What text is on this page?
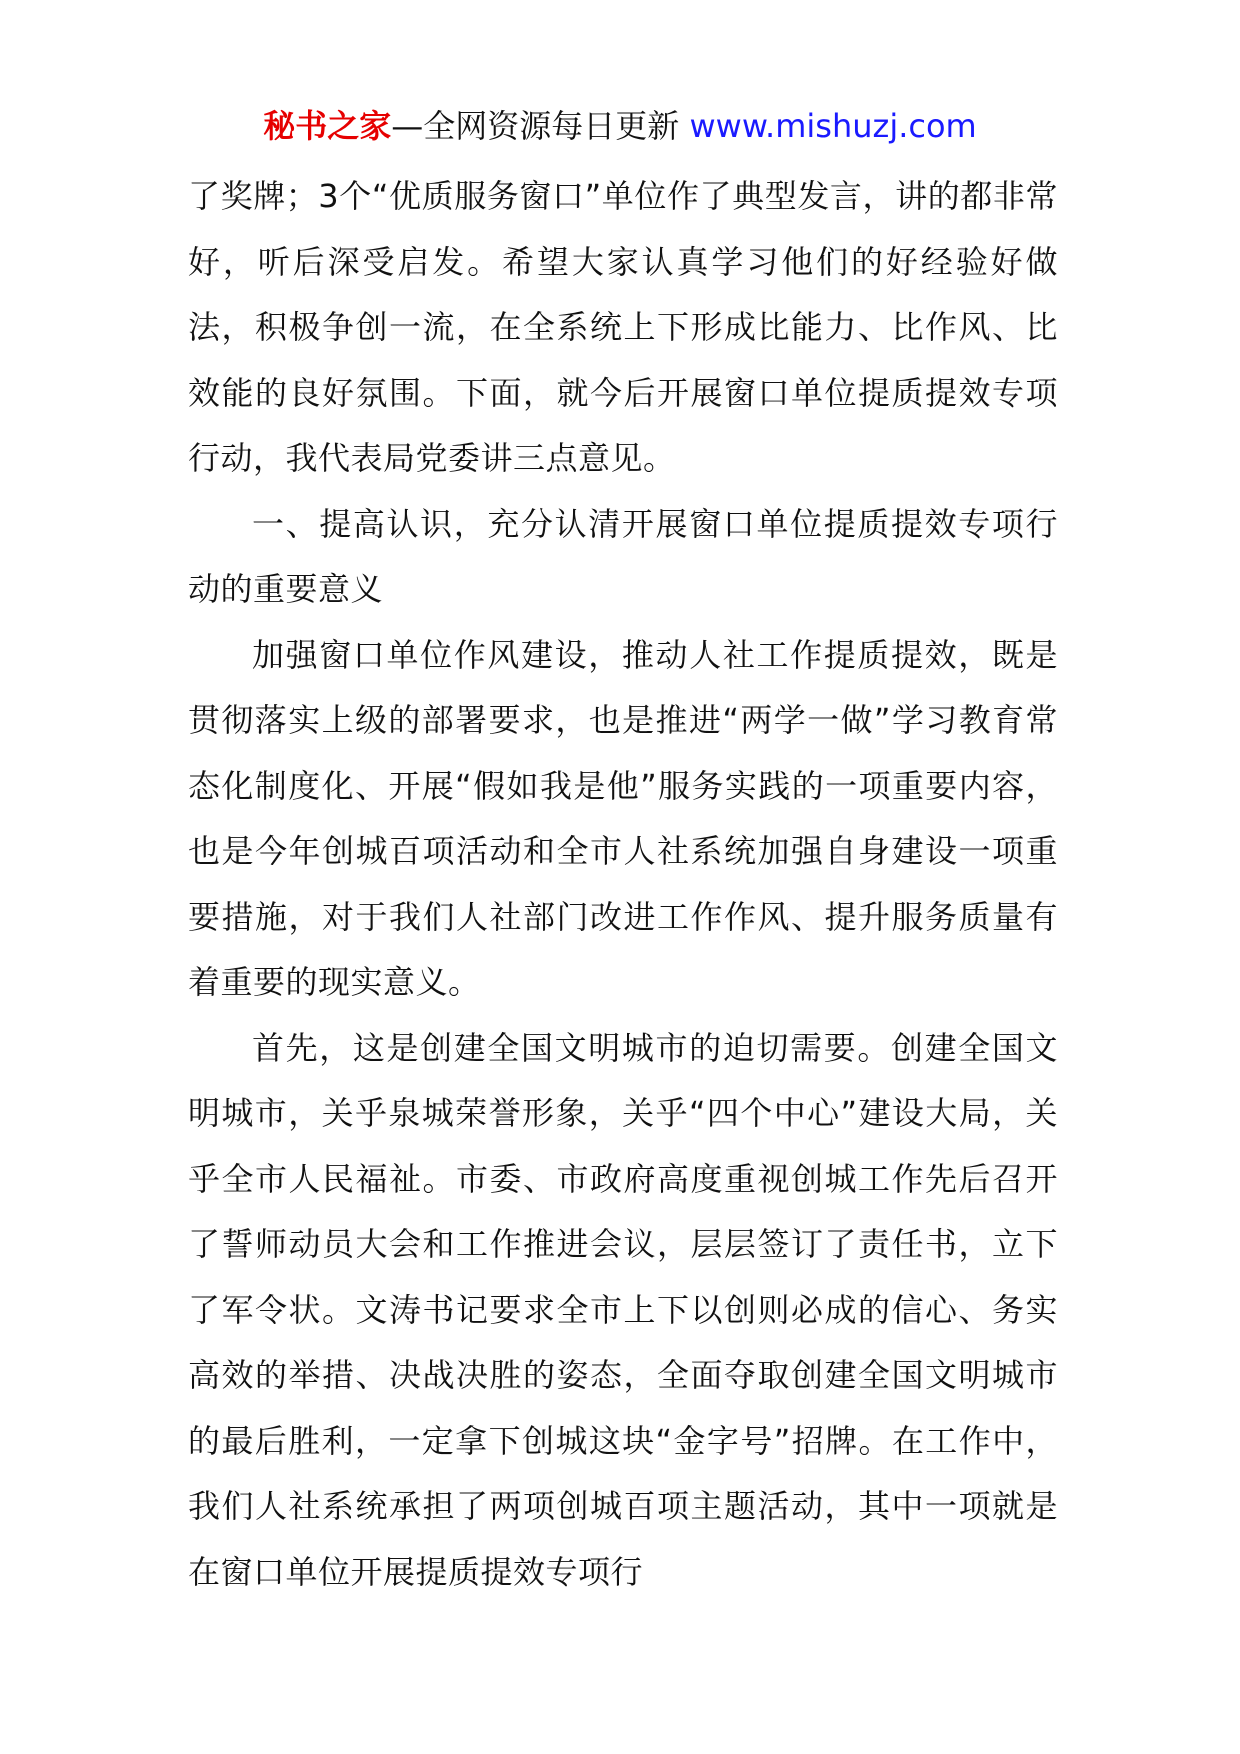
秘书之家—全网资源每日更新 www.mishuzj.com

了奖牌；3个“优质服务窗口”单位作了典型发言，讲的都非常好，听后深受启发。希望大家认真学习他们的好经验好做法，积极争创一流，在全系统上下形成比能力、比作风、比效能的良好氛围。下面，就今后开展窗口单位提质提效专项行动，我代表局党委讲三点意见。

一、提高认识，充分认清开展窗口单位提质提效专项行动的重要意义

加强窗口单位作风建设，推动人社工作提质提效，既是贯彻落实上级的部署要求，也是推进“两学一做”学习教育常态化制度化、开展“假如我是他”服务实践的一项重要内容，也是今年创城百项活动和全市人社系统加强自身建设一项重要措施，对于我们人社部门改进工作作风、提升服务质量有着重要的现实意义。

首先，这是创建全国文明城市的迫切需要。创建全国文明城市，关乎泉城荣誉形象，关乎“四个中心”建设大局，关乎全市人民福祉。市委、市政府高度重视创城工作先后召开了誓师动员大会和工作推进会议，层层签订了责任书，立下了军令状。文涛书记要求全市上下以创则必成的信心、务实高效的举措、决战决胜的姿态，全面夺取创建全国文明城市的最后胜利，一定拿下创城这块“金字号”招牌。在工作中，我们人社系统承担了两项创城百项主题活动，其中一项就是在窗口单位开展提质提效专项行
